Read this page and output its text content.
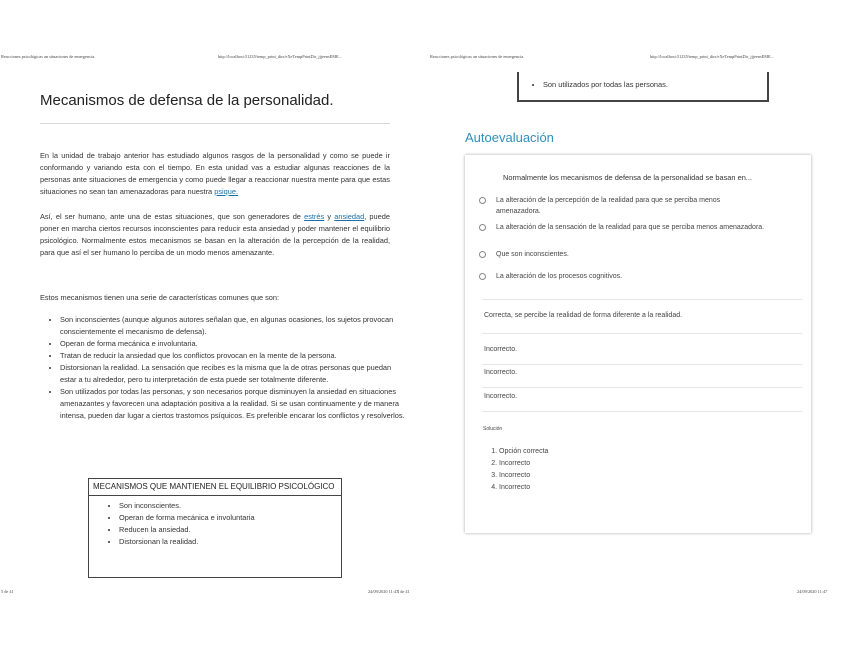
Reacciones psicológicas an situaciones de emergencia.	http://localhost:51235/temp_print_dirs/eXeTempPrintDir_jjjeensEME...	Reacciones psicológicas an situaciones de emergencia.	http://localhost:51235/temp_print_dirs/eXeTempPrintDir_jjjeensEME...
Mecanismos de defensa de la personalidad.
En la unidad de trabajo anterior has estudiado algunos rasgos de la personalidad y como se puede ir conformando y variando esta con el tiempo. En esta unidad vas a estudiar algunas reacciones de la personas ante situaciones de emergencia y como puede llegar a reaccionar nuestra mente para que estas situaciones no sean tan amenazadoras para nuestra psique.
Así, el ser humano, ante una de estas situaciones, que son generadores de estrés y ansiedad, puede poner en marcha ciertos recursos inconscientes para reducir esta ansiedad y poder mantener el equilibrio psicológico. Normalmente estos mecanismos se basan en la alteración de la percepción de la realidad, para que así el ser humano lo perciba de un modo menos amenazante.
Estos mecanismos tienen una serie de características comunes que son:
• Son inconscientes (aunque algunos autores señalan que, en algunas ocasiones, los sujetos provocan conscientemente el mecanismo de defensa).
• Operan de forma mecánica e involuntaria.
• Tratan de reducir la ansiedad que los conflictos provocan en la mente de la persona.
• Distorsionan la realidad. La sensación que recibes es la misma que la de otras personas que puedan estar a tu alrededor, pero tu interpretación de esta puede ser totalmente diferente.
• Son utilizados por todas las personas, y son necesarios porque disminuyen la ansiedad en situaciones amenazantes y favorecen una adaptación positiva a la realidad. Si se usan continuamente y de manera intensa, pueden dar lugar a ciertos trastornos psíquicos. Es preferible encarar los conflictos y resolverlos.
MECANISMOS QUE MANTIENEN EL EQUILIBRIO PSICOLÓGICO
• Son inconscientes.
• Operan de forma mecánica e involuntaria
• Reducen la ansiedad.
• Distorsionan la realidad.
• Son utilizados por todas las personas.
Autoevaluación
Normalmente los mecanismos de defensa de la personalidad se basan en...
La alteración de la percepción de la realidad para que se perciba menos amenazadora.
La alteración de la sensación de la realidad para que se perciba menos amenazadora.
Que son inconscientes.
La alteración de los procesos cognitivos.
Correcta, se percibe la realidad de forma diferente a la realidad.
Incorrecto.
Incorrecto.
Incorrecto.
Solución
1. Opción correcta
2. Incorrecto
3. Incorrecto
4. Incorrecto
5 de 41	24/09/2020 11:47
4 de 41	24/09/2020 11:47
